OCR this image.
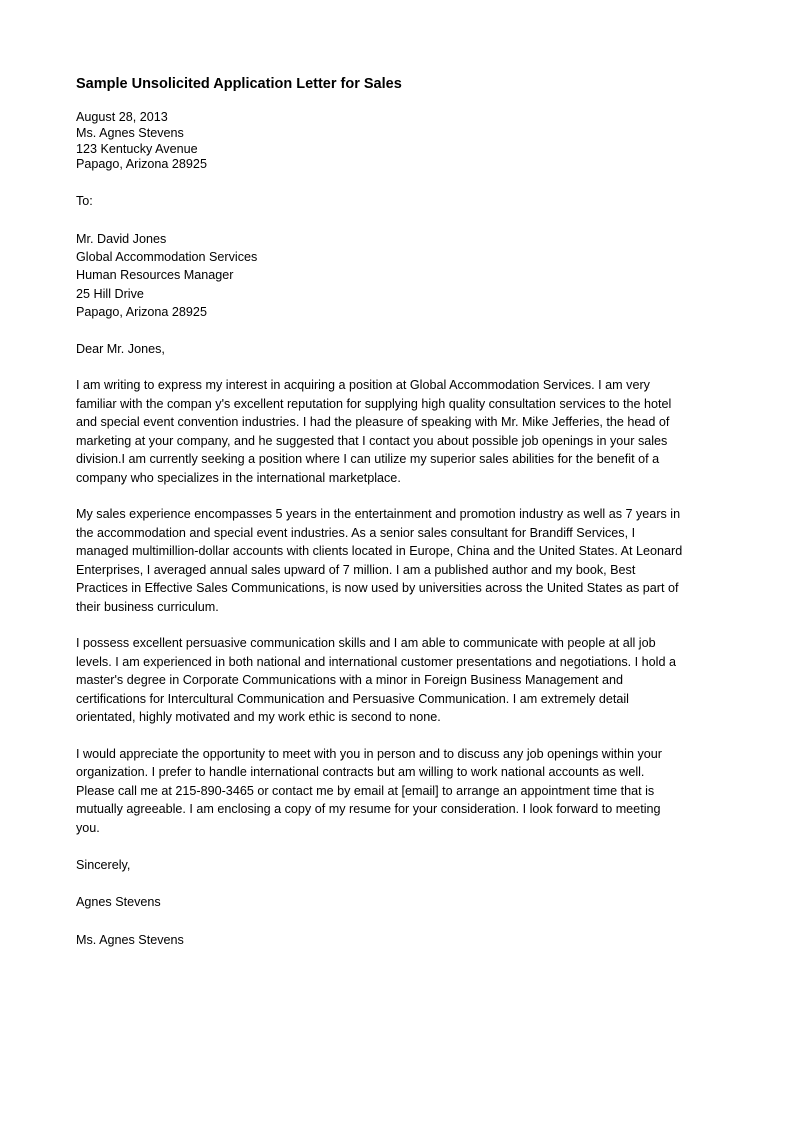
Sample Unsolicited Application Letter for Sales
August 28, 2013
Ms. Agnes Stevens
123 Kentucky Avenue
Papago, Arizona 28925
To:
Mr. David Jones
Global Accommodation Services
Human Resources Manager
25 Hill Drive
Papago, Arizona 28925
Dear Mr. Jones,
I am writing to express my interest in acquiring a position at Global Accommodation Services. I am very
familiar with the compan y's excellent reputation for supplying high quality consultation services to the hotel
and special event convention industries. I had the pleasure of speaking with Mr. Mike Jefferies, the head of
marketing at your company, and he suggested that I contact you about possible job openings in your sales
division.I am currently seeking a position where I can utilize my superior sales abilities for the benefit of a
company who specializes in the international marketplace.
My sales experience encompasses 5 years in the entertainment and promotion industry as well as 7 years in
the accommodation and special event industries. As a senior sales consultant for Brandiff Services, I
managed multimillion-dollar accounts with clients located in Europe, China and the United States. At Leonard
Enterprises, I averaged annual sales upward of 7 million. I am a published author and my book, Best
Practices in Effective Sales Communications, is now used by universities across the United States as part of
their business curriculum.
I possess excellent persuasive communication skills and I am able to communicate with people at all job
levels. I am experienced in both national and international customer presentations and negotiations. I hold a
master's degree in Corporate Communications with a minor in Foreign Business Management and
certifications for Intercultural Communication and Persuasive Communication. I am extremely detail
orientated, highly motivated and my work ethic is second to none.
I would appreciate the opportunity to meet with you in person and to discuss any job openings within your
organization. I prefer to handle international contracts but am willing to work national accounts as well.
Please call me at 215-890-3465 or contact me by email at [email] to arrange an appointment time that is
mutually agreeable. I am enclosing a copy of my resume for your consideration. I look forward to meeting
you.
Sincerely,
Agnes Stevens
Ms. Agnes Stevens
